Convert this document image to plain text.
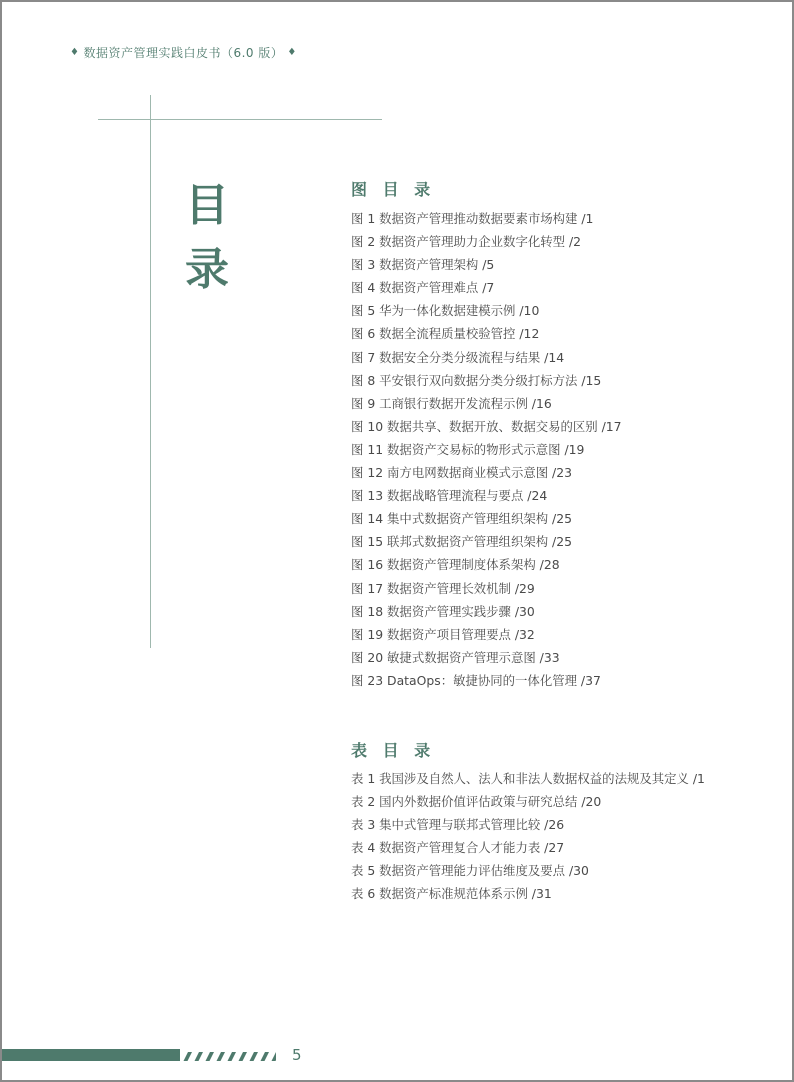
♦ 数据资产管理实践白皮书（6.0 版） ♦
目
录
图 目 录
图 1 数据资产管理推动数据要素市场构建 /1
图 2 数据资产管理助力企业数字化转型 /2
图 3 数据资产管理架构 /5
图 4 数据资产管理难点 /7
图 5 华为一体化数据建模示例 /10
图 6 数据全流程质量校验管控 /12
图 7 数据安全分类分级流程与结果 /14
图 8 平安银行双向数据分类分级打标方法 /15
图 9 工商银行数据开发流程示例 /16
图 10 数据共享、数据开放、数据交易的区别 /17
图 11 数据资产交易标的物形式示意图 /19
图 12 南方电网数据商业模式示意图 /23
图 13 数据战略管理流程与要点 /24
图 14 集中式数据资产管理组织架构 /25
图 15 联邦式数据资产管理组织架构 /25
图 16 数据资产管理制度体系架构 /28
图 17 数据资产管理长效机制 /29
图 18 数据资产管理实践步骤 /30
图 19 数据资产项目管理要点 /32
图 20 敏捷式数据资产管理示意图 /33
图 23 DataOps：敏捷协同的一体化管理 /37
表 目 录
表 1 我国涉及自然人、法人和非法人数据权益的法规及其定义 /1
表 2 国内外数据价值评估政策与研究总结 /20
表 3 集中式管理与联邦式管理比较 /26
表 4 数据资产管理复合人才能力表 /27
表 5 数据资产管理能力评估维度及要点 /30
表 6 数据资产标准规范体系示例 /31
5
